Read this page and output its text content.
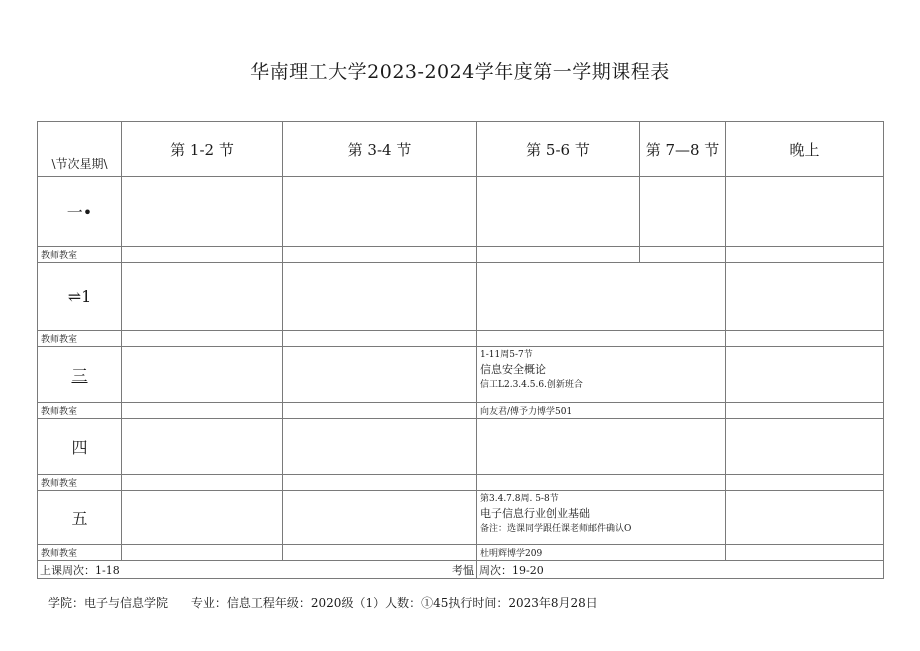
华南理工大学2023-2024学年度第一学期课程表
\节次星期\	第 1-2 节	第 3-4 节	第 5-6 节	第 7—8 节	晚上
一•					
教师教室					
⇌1					
教师教室					
三			1-11周5-7节
信息安全概论
信工L2.3.4.5.6.创新班合		

教师教室			向友君/傅予力博学501		
四					
教师教室					
五			第3.4.7.8周. 5-8节
电子信息行业创业基础
备注：选课同学跟任课老师邮件确认O		

教师教室			杜明辉博学209		
上课周次：1-18		考愠	周次：19-20		
学院：电子与信息学院 专业：信息工程年级：2020级（1）人数：①45执行时间：2023年8月28日
